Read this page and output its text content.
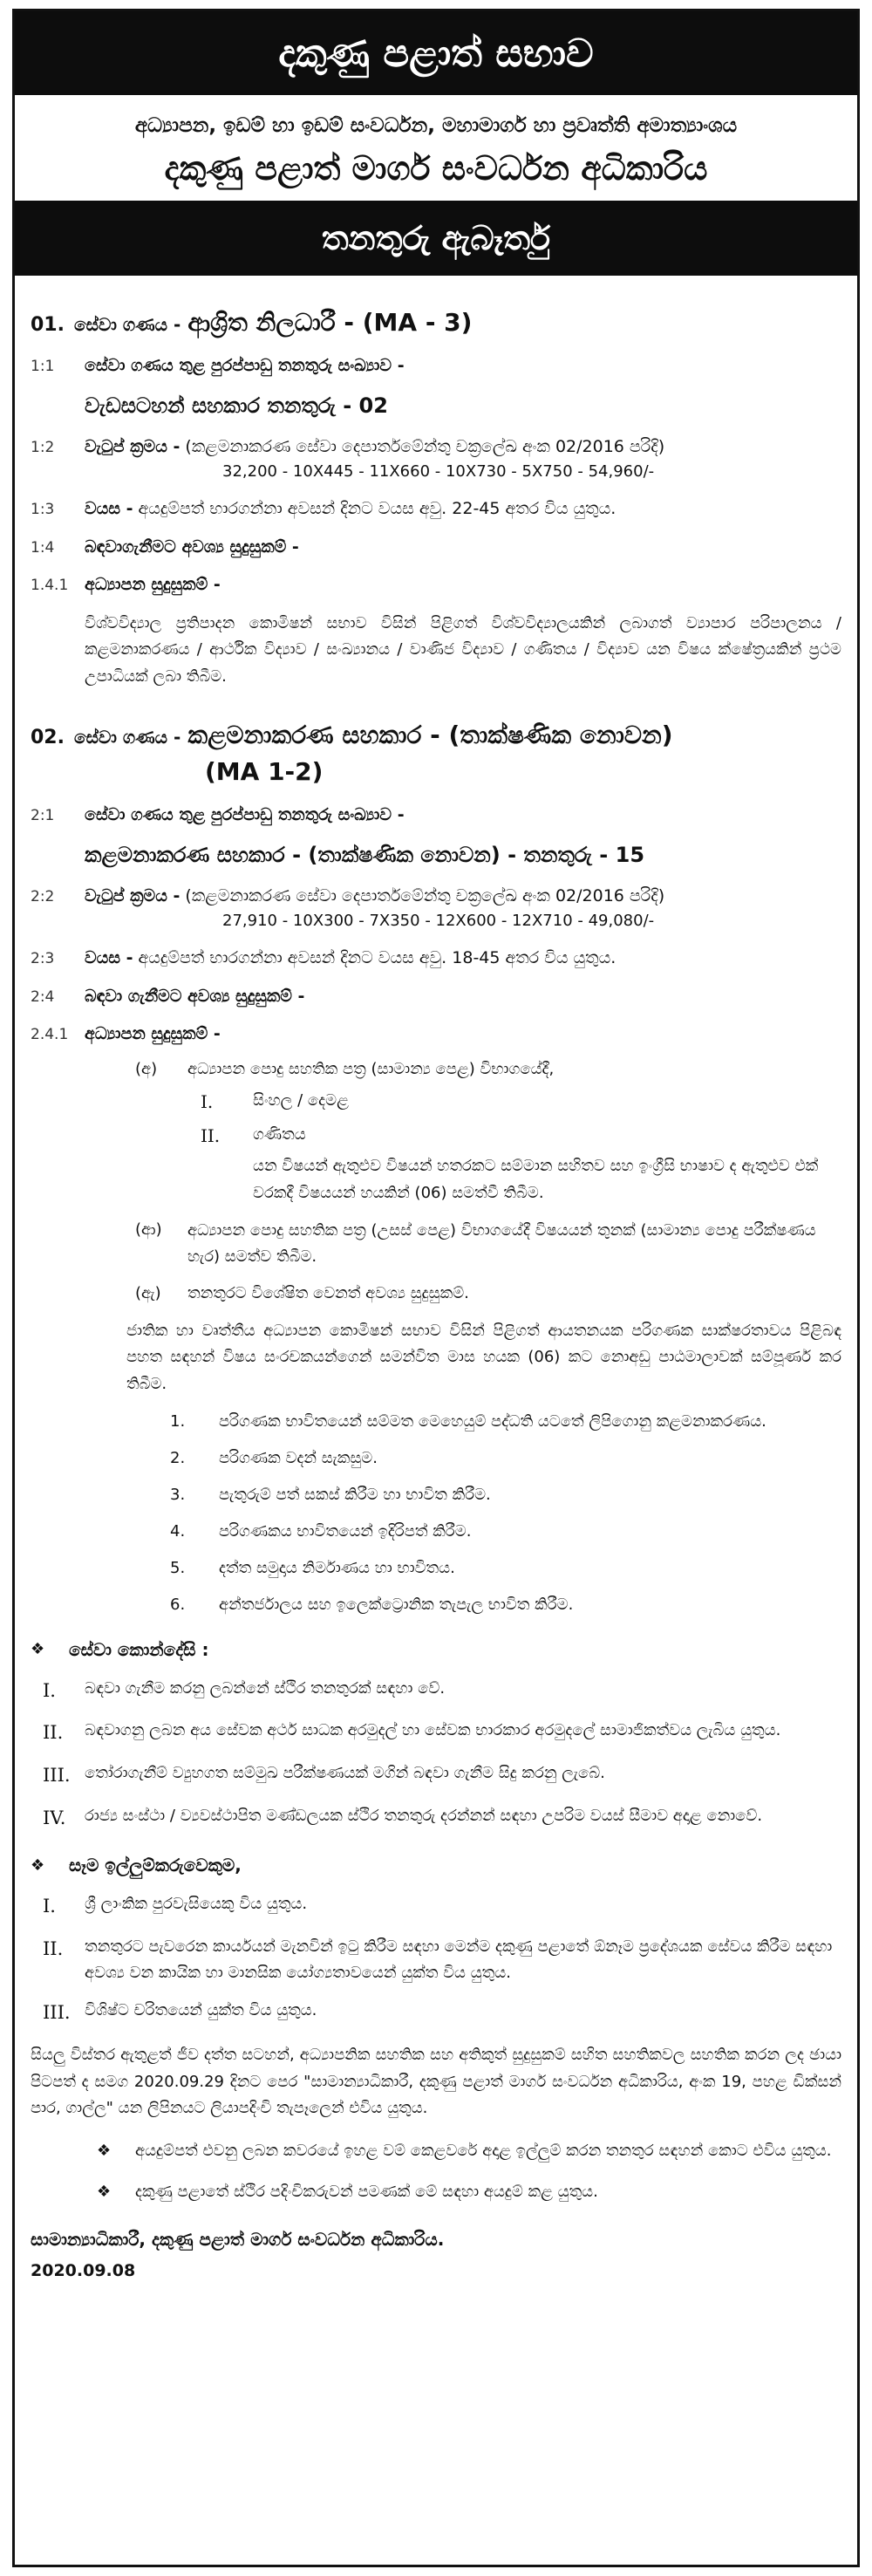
දකුණු පළාත් සභාව
අධ්‍යාපන, ඉඩම් හා ඉඩම් සංවර්ධන, මහාමාර්ග හා ප්‍රවෘත්ති අමාත්‍යාංශය
දකුණු පළාත් මාර්ග සංවර්ධන අධිකාරිය
තනතුරු ඇබෑර්තු
01. සේවා ගණය - ආශ්‍රිත නිලධාරී - (MA - 3)
1:1	සේවා ගණය තුළ පුරප්පාඩු තනතුරු සංඛ්‍යාව -
වැඩසටහන් සහකාර තනතුරු - 02
1:2	වැටුප් ක්‍රමය - (කළමනාකරණ සේවා දෙපාර්තමේන්තු චක්‍රලේඛ අංක 02/2016 පරිදි)
32,200 - 10X445 - 11X660 - 10X730 - 5X750 - 54,960/-
1:3	වයස - අයදුම්පත් භාරගන්නා අවසන් දිනට වයස අවු. 22-45 අතර විය යුතුය.
1:4	බඳවාගැනීමට අවශ්‍ය සුදුසුකම් -
1.4.1 අධ්‍යාපන සුදුසුකම් -
විශ්වවිද්‍යාල ප්‍රතිපාදන කොමිෂන් සභාව විසින් පිළිගත් විශ්වවිද්‍යාලයකින් ලබාගත් ව්‍යාපාර පරිපාලනය / කළමනාකරණය / ආර්ථික විද්‍යාව / සංඛ්‍යානය / වාණිජ විද්‍යාව / ගණිතය / විද්‍යාව යන විෂය ක්ෂේත්‍රයකින් ප්‍රථම උපාධියක් ලබා තිබීම.
02. සේවා ගණය - කළමනාකරණ සහකාර - (තාක්ෂණික නොවන)
(MA 1-2)
2:1	සේවා ගණය තුළ පුරප්පාඩු තනතුරු සංඛ්‍යාව -
කළමනාකරණ සහකාර - (තාක්ෂණික නොවන) - තනතුරු - 15
2:2	වැටුප් ක්‍රමය - (කළමනාකරණ සේවා දෙපාර්තමේන්තු චක්‍රලේඛ අංක 02/2016 පරිදි)
27,910 - 10X300 - 7X350 - 12X600 - 12X710 - 49,080/-
2:3	වයස - අයදුම්පත් භාරගන්නා අවසන් දිනට වයස අවු. 18-45 අතර විය යුතුය.
2:4	බඳවා ගැනීමට අවශ්‍ය සුදුසුකම් -
2.4.1 අධ්‍යාපන සුදුසුකම් -
(අ)	අධ්‍යාපන පොදු සහතික පත්‍ර (සාමාන්‍ය පෙළ) විභාගයේදී,
I.	සිංහල / දෙමළ
II.	ගණිතය
යන විෂයන් ඇතුළුව විෂයන් හතරකට සම්මාන සහිතව සහ ඉංග්‍රීසි භාෂාව ද ඇතුළුව එක් වරකදී විෂයයන් හයකින් (06) සමත්වී තිබීම.
(ආ)	අධ්‍යාපන පොදු සහතික පත්‍ර (උසස් පෙළ) විභාගයේදී විෂයයන් තුනක් (සාමාන්‍ය පොදු පරීක්ෂණය හැර) සමත්ව තිබීම.
(ඇ)	තනතුරට විශේෂිත වෙනත් අවශ්‍ය සුදුසුකම්.
ජාතික හා වෘත්තීය අධ්‍යාපන කොමිෂන් සභාව විසින් පිළිගත් ආයතනයක පරිගණක සාක්ෂරතාවය පිළිබඳ පහත සඳහන් විෂය සංරචකයන්ගෙන් සමන්විත මාස හයක (06) කට නොඅඩු පාඨමාලාවක් සම්පූර්ණ කර තිබීම.
1.	පරිගණක භාවිතයෙන් සම්මත මෙහෙයුම් පද්ධති යටතේ ලිපිගොනු කළමනාකරණය.
2.	පරිගණක වදන් සැකසුම.
3.	පැතුරුම් පත් සකස් කිරීම හා භාවිත කිරීම.
4.	පරිගණකය භාවිතයෙන් ඉදිරිපත් කිරීම.
5.	දත්ත සමුදාය නිර්මාණය හා භාවිතය.
6.	අන්තර්ජාලය සහ ඉලෙක්ට්‍රොනික තැපැල භාවිත කිරීම.
❖	සේවා කොන්දේසි :
I.	බඳවා ගැනීම කරනු ලබන්නේ ස්ථිර තනතුරක් සඳහා වේ.
II.	බඳවාගනු ලබන අය සේවක අර්ථ සාධක අරමුදල් හා සේවක භාරකාර අරමුදලේ සාමාජිකත්වය ලැබිය යුතුය.
III. තෝරාගැනීම් ව්‍යුහගත සම්මුඛ පරීක්ෂණයක් මගින් බඳවා ගැනීම සිදු කරනු ලැබේ.
IV.	රාජ්‍ය සංස්ථා / ව්‍යවස්ථාපිත මණ්ඩලයක ස්ථිර තනතුරු දරන්නන් සඳහා උපරිම වයස් සීමාව අදාළ නොවේ.
❖	සෑම ඉල්ලුම්කරුවෙකුම,
I.	ශ්‍රී ලාංකික පුරවැසියෙකු විය යුතුය.
II.	තනතුරට පැවරෙන කාර්යයන් මැනවින් ඉටු කිරීම සඳහා මෙන්ම දකුණු පළාතේ ඕනෑම ප්‍රදේශයක සේවය කිරීම සඳහා අවශ්‍ය වන කායික හා මානසික යෝග්‍යතාවයෙන් යුක්ත විය යුතුය.
III. විශිෂ්ට චරිතයෙන් යුක්ත විය යුතුය.
සියලු විස්තර ඇතුළත් ජීව දත්ත සටහන්, අධ්‍යාපනික සහතික සහ අතිකුත් සුදුසුකම් සහිත සහතිකවල සහතික කරන ලද ඡායා පිටපත් ද සමග 2020.09.29 දිනට පෙර "සාමාන්‍යාධිකාරී, දකුණු පළාත් මාර්ග සංවර්ධන අධිකාරිය, අංක 19, පහළ ඩික්සන් පාර, ගාල්ල" යන ලිපිනයට ලියාපදිංචි තැපෑලෙන් එවිය යුතුය.
❖	අයදුම්පත් එවනු ලබන කවරයේ ඉහළ වම් කෙළවරේ අදාළ ඉල්ලුම් කරන තනතුර සඳහන් කොට එවිය යුතුය.
❖	දකුණු පළාතේ ස්ථිර පදිංචිකරුවන් පමණක් මේ සඳහා අයදුම් කළ යුතුය.
සාමාන්‍යාධිකාරී, දකුණු පළාත් මාර්ග සංවර්ධන අධිකාරිය.
2020.09.08
